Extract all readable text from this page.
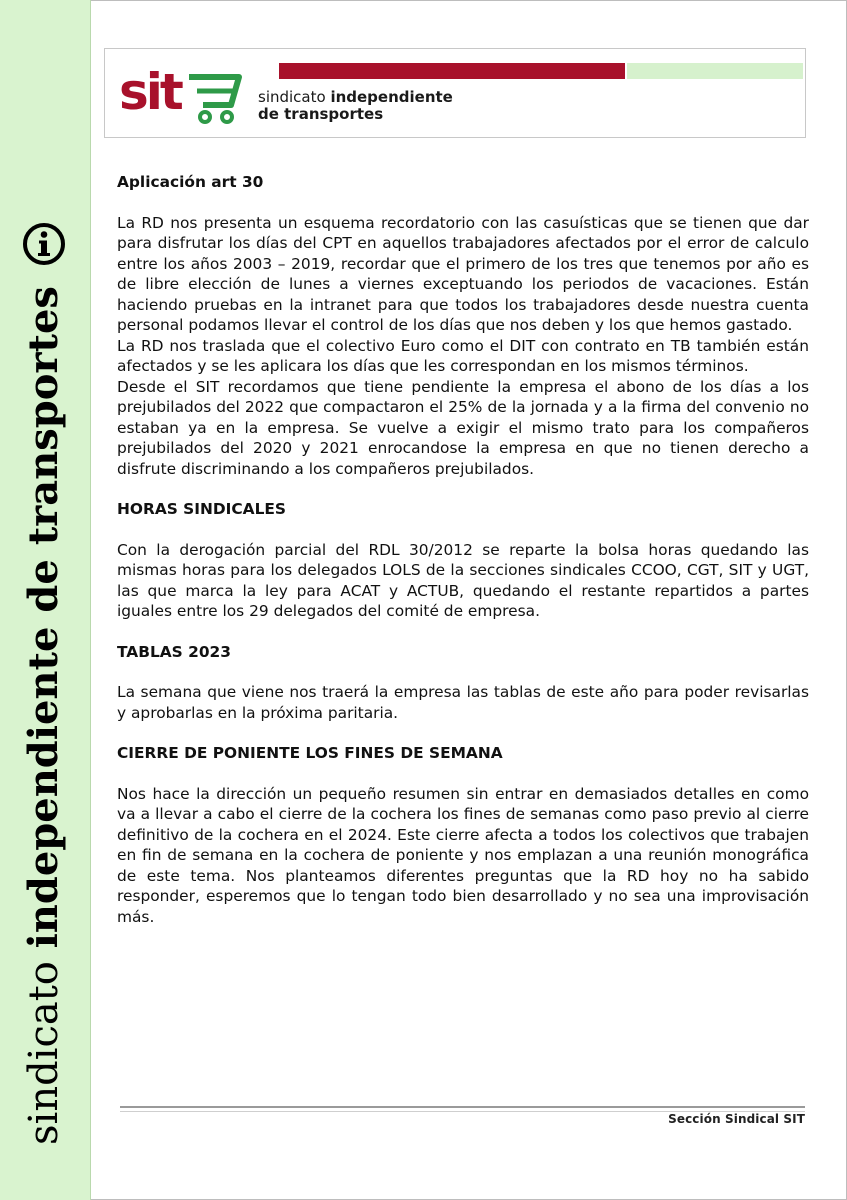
sindicato independiente de transportes
sit	sindicato independiente
de transportes
Aplicación art 30

La RD nos presenta un esquema recordatorio con las casuísticas que se tienen que dar para disfrutar los días del CPT en aquellos trabajadores afectados por el error de calculo entre los años 2003 – 2019, recordar que el primero de los tres que tenemos por año es de libre elección de lunes a viernes exceptuando los periodos de vacaciones. Están haciendo pruebas en la intranet para que todos los trabajadores desde nuestra cuenta personal podamos llevar el control de los días que nos deben y los que hemos gastado.

La RD nos traslada que el colectivo Euro como el DIT con contrato en TB también están afectados y se les aplicara los días que les correspondan en los mismos términos.

Desde el SIT recordamos que tiene pendiente la empresa el abono de los días a los prejubilados del 2022 que compactaron el 25% de la jornada y a la firma del convenio no estaban ya en la empresa. Se vuelve a exigir el mismo trato para los compañeros prejubilados del 2020 y 2021 enrocandose la empresa en que no tienen derecho a disfrute discriminando a los compañeros prejubilados.

HORAS SINDICALES

Con la derogación parcial del RDL 30/2012 se reparte la bolsa horas quedando las mismas horas para los delegados LOLS de la secciones sindicales CCOO, CGT, SIT y UGT, las que marca la ley para ACAT y ACTUB, quedando el restante repartidos a partes iguales entre los 29 delegados del comité de empresa.

TABLAS 2023

La semana que viene nos traerá la empresa las tablas de este año para poder revisarlas y aprobarlas en la próxima paritaria.

CIERRE DE PONIENTE LOS FINES DE SEMANA

Nos hace la dirección un pequeño resumen sin entrar en demasiados detalles en como va a llevar a cabo el cierre de la cochera los fines de semanas como paso previo al cierre definitivo de la cochera en el 2024. Este cierre afecta a todos los colectivos que trabajen en fin de semana en la cochera de poniente y nos emplazan a una reunión monográfica de este tema. Nos planteamos diferentes preguntas que la RD hoy no ha sabido responder, esperemos que lo tengan todo bien desarrollado y no sea una improvisación más.

Sección Sindical SIT
